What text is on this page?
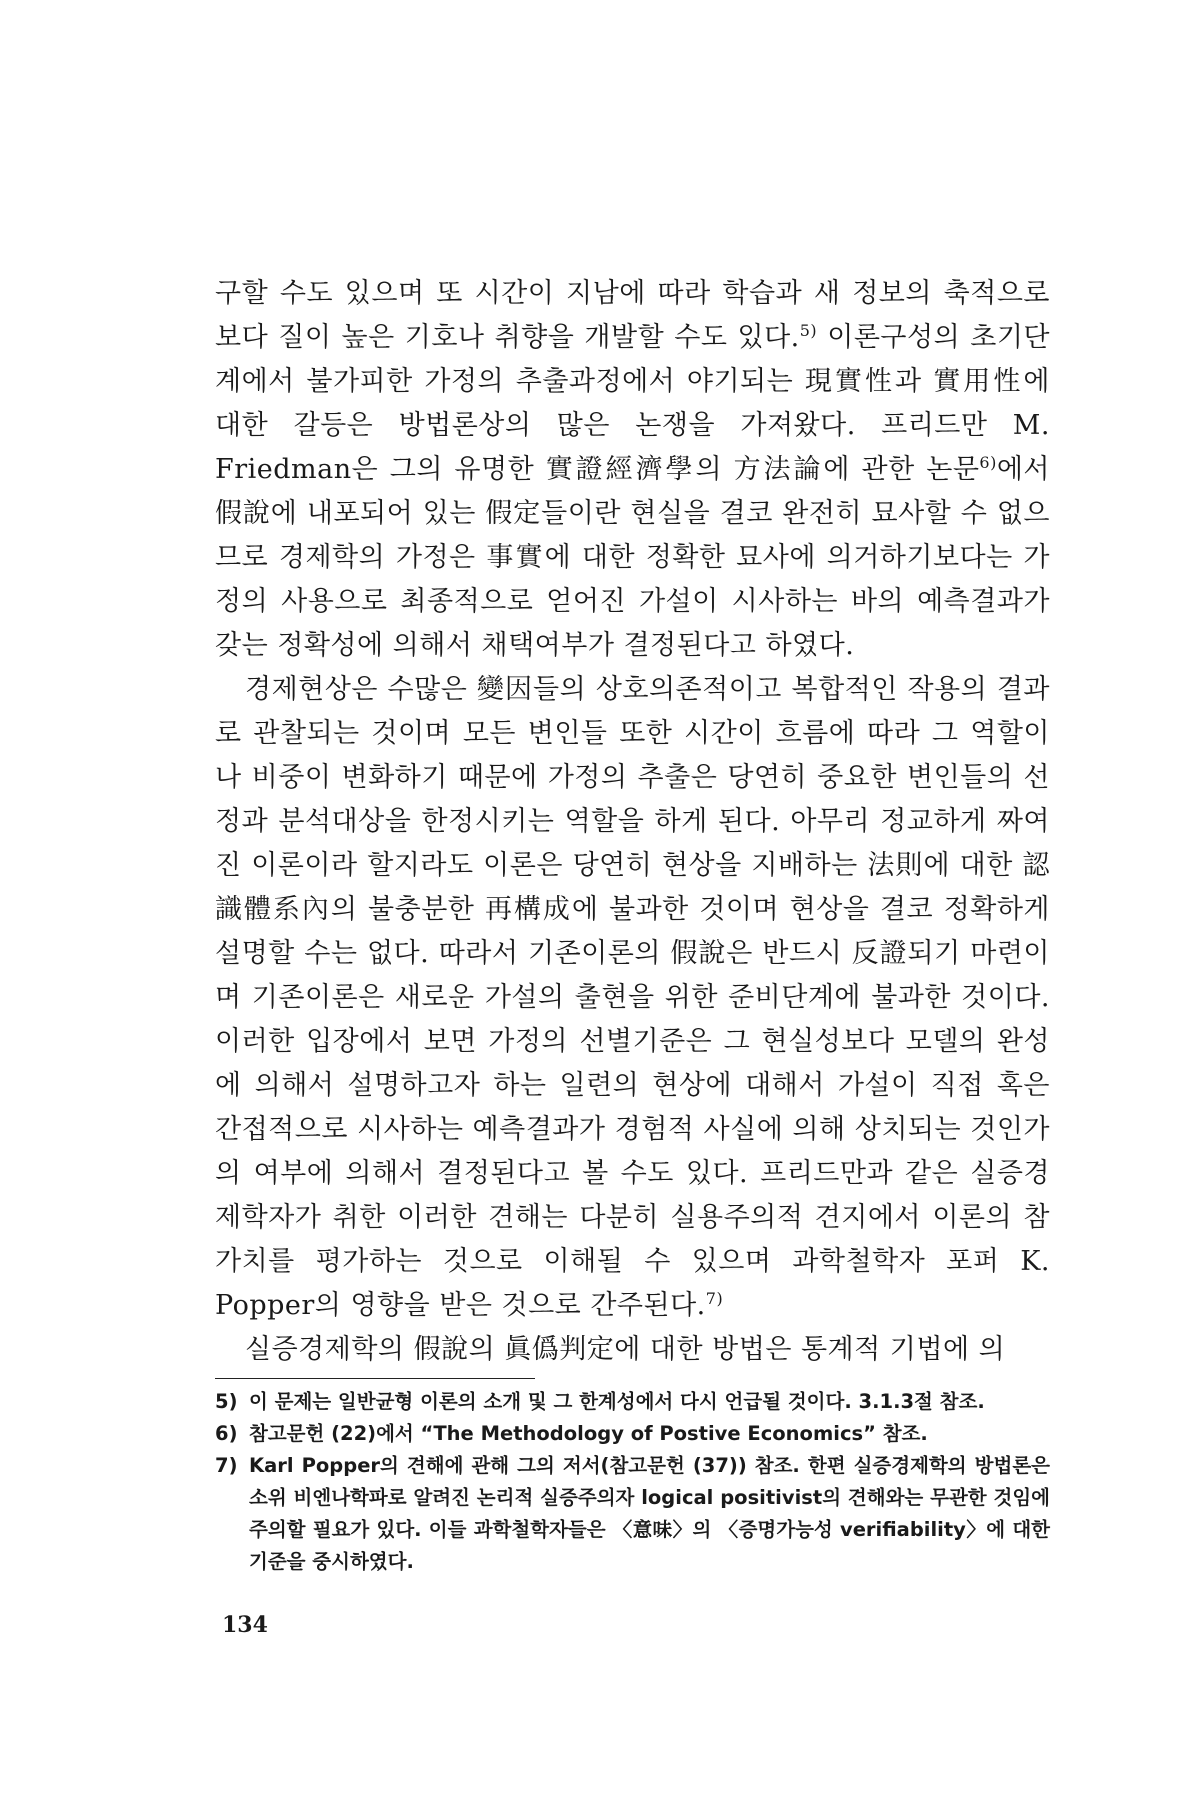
구할 수도 있으며 또 시간이 지남에 따라 학습과 새 정보의 축적으로 보다 질이 높은 기호나 취향을 개발할 수도 있다.$^{5)}$ 이론구성의 초기단계에서 불가피한 가정의 추출과정에서 야기되는 現實性과 實用性에 대한 갈등은 방법론상의 많은 논쟁을 가져왔다. 프리드만 M. Friedman은 그의 유명한 實證經濟學의 方法論에 관한 논문$^{6)}$에서 假說에 내포되어 있는 假定들이란 현실을 결코 완전히 묘사할 수 없으므로 경제학의 가정은 事實에 대한 정확한 묘사에 의거하기보다는 가정의 사용으로 최종적으로 얻어진 가설이 시사하는 바의 예측결과가 갖는 정확성에 의해서 채택여부가 결정된다고 하였다.

경제현상은 수많은 變因들의 상호의존적이고 복합적인 작용의 결과로 관찰되는 것이며 모든 변인들 또한 시간이 흐름에 따라 그 역할이나 비중이 변화하기 때문에 가정의 추출은 당연히 중요한 변인들의 선정과 분석대상을 한정시키는 역할을 하게 된다. 아무리 정교하게 짜여진 이론이라 할지라도 이론은 당연히 현상을 지배하는 法則에 대한 認識體系內의 불충분한 再構成에 불과한 것이며 현상을 결코 정확하게 설명할 수는 없다. 따라서 기존이론의 假說은 반드시 反證되기 마련이며 기존이론은 새로운 가설의 출현을 위한 준비단계에 불과한 것이다. 이러한 입장에서 보면 가정의 선별기준은 그 현실성보다 모델의 완성에 의해서 설명하고자 하는 일련의 현상에 대해서 가설이 직접 혹은 간접적으로 시사하는 예측결과가 경험적 사실에 의해 상치되는 것인가의 여부에 의해서 결정된다고 볼 수도 있다. 프리드만과 같은 실증경제학자가 취한 이러한 견해는 다분히 실용주의적 견지에서 이론의 참 가치를 평가하는 것으로 이해될 수 있으며 과학철학자 포퍼 K. Popper의 영향을 받은 것으로 간주된다.$^{7)}$

실증경제학의 假說의 眞僞判定에 대한 방법은 통계적 기법에 의

5) 이 문제는 일반균형 이론의 소개 및 그 한계성에서 다시 언급될 것이다. 3.1.3절 참조.
6) 참고문헌 (22)에서 “The Methodology of Postive Economics” 참조.
7) Karl Popper의 견해에 관해 그의 저서(참고문헌 (37)) 참조. 한편 실증경제학의 방법론은 소위 비엔나학파로 알려진 논리적 실증주의자 logical positivist의 견해와는 무관한 것임에 주의할 필요가 있다. 이들 과학철학자들은 〈意味〉의 〈증명가능성 verifiability〉에 대한 기준을 중시하였다.
134
